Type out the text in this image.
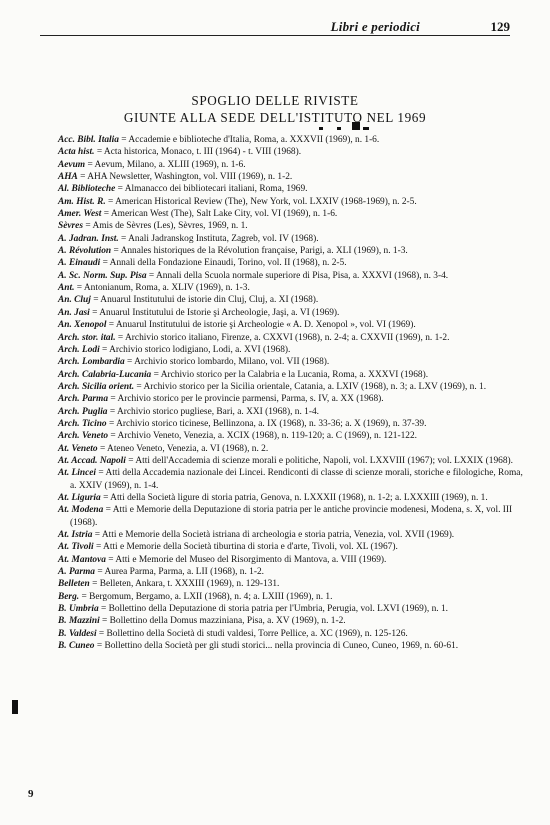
Libri e periodici	129
SPOGLIO DELLE RIVISTE
GIUNTE ALLA SEDE DELL'ISTITUTO NEL 1969

Acc. Bibl. Italia = Accademie e biblioteche d'Italia, Roma, a. XXXVII (1969), n. 1-6.

Acta hist. = Acta historica, Monaco, t. III (1964) - t. VIII (1968).

Aevum = Aevum, Milano, a. XLIII (1969), n. 1-6.

AHA = AHA Newsletter, Washington, vol. VIII (1969), n. 1-2.

Al. Biblioteche = Almanacco dei bibliotecari italiani, Roma, 1969.

Am. Hist. R. = American Historical Review (The), New York, vol. LXXIV (1968-1969), n. 2-5.

Amer. West = American West (The), Salt Lake City, vol. VI (1969), n. 1-6.

Sèvres = Amis de Sèvres (Les), Sèvres, 1969, n. 1.

A. Jadran. Inst. = Anali Jadranskog Instituta, Zagreb, vol. IV (1968).

A. Révolution = Annales historiques de la Révolution française, Parigi, a. XLI (1969), n. 1-3.

A. Einaudi = Annali della Fondazione Einaudi, Torino, vol. II (1968), n. 2-5.

A. Sc. Norm. Sup. Pisa = Annali della Scuola normale superiore di Pisa, Pisa, a. XXXVI (1968), n. 3-4.

Ant. = Antonianum, Roma, a. XLIV (1969), n. 1-3.

An. Cluj = Anuarul Institutului de istorie din Cluj, Cluj, a. XI (1968).

An. Jasi = Anuarul Institutului de Istorie şi Archeologie, Jaşi, a. VI (1969).

An. Xenopol = Anuarul Institutului de istorie şi Archeologie « A. D. Xenopol », vol. VI (1969).

Arch. stor. ital. = Archivio storico italiano, Firenze, a. CXXVI (1968), n. 2-4; a. CXXVII (1969), n. 1-2.

Arch. Lodi = Archivio storico lodigiano, Lodi, a. XVI (1968).

Arch. Lombardia = Archivio storico lombardo, Milano, vol. VII (1968).

Arch. Calabria-Lucania = Archivio storico per la Calabria e la Lucania, Roma, a. XXXVI (1968).

Arch. Sicilia orient. = Archivio storico per la Sicilia orientale, Catania, a. LXIV (1968), n. 3; a. LXV (1969), n. 1.

Arch. Parma = Archivio storico per le provincie parmensi, Parma, s. IV, a. XX (1968).

Arch. Puglia = Archivio storico pugliese, Bari, a. XXI (1968), n. 1-4.

Arch. Ticino = Archivio storico ticinese, Bellinzona, a. IX (1968), n. 33-36; a. X (1969), n. 37-39.

Arch. Veneto = Archivio Veneto, Venezia, a. XCIX (1968), n. 119-120; a. C (1969), n. 121-122.

At. Veneto = Ateneo Veneto, Venezia, a. VI (1968), n. 2.

At. Accad. Napoli = Atti dell'Accademia di scienze morali e politiche, Napoli, vol. LXXVIII (1967); vol. LXXIX (1968).

At. Lincei = Atti della Accademia nazionale dei Lincei. Rendiconti di classe di scienze morali, storiche e filologiche, Roma, a. XXIV (1969), n. 1-4.

At. Liguria = Atti della Società ligure di storia patria, Genova, n. LXXXII (1968), n. 1-2; a. LXXXIII (1969), n. 1.

At. Modena = Atti e Memorie della Deputazione di storia patria per le antiche provincie modenesi, Modena, s. X, vol. III (1968).

At. Istria = Atti e Memorie della Società istriana di archeologia e storia patria, Venezia, vol. XVII (1969).

At. Tivoli = Atti e Memorie della Società tiburtina di storia e d'arte, Tivoli, vol. XL (1967).

At. Mantova = Atti e Memorie del Museo del Risorgimento di Mantova, a. VIII (1969).

A. Parma = Aurea Parma, Parma, a. LII (1968), n. 1-2.

Belleten = Belleten, Ankara, t. XXXIII (1969), n. 129-131.

Berg. = Bergomum, Bergamo, a. LXII (1968), n. 4; a. LXIII (1969), n. 1.

B. Umbria = Bollettino della Deputazione di storia patria per l'Umbria, Perugia, vol. LXVI (1969), n. 1.

B. Mazzini = Bollettino della Domus mazziniana, Pisa, a. XV (1969), n. 1-2.

B. Valdesi = Bollettino della Società di studi valdesi, Torre Pellice, a. XC (1969), n. 125-126.

B. Cuneo = Bollettino della Società per gli studi storici... nella provincia di Cuneo, Cuneo, 1969, n. 60-61.

9
